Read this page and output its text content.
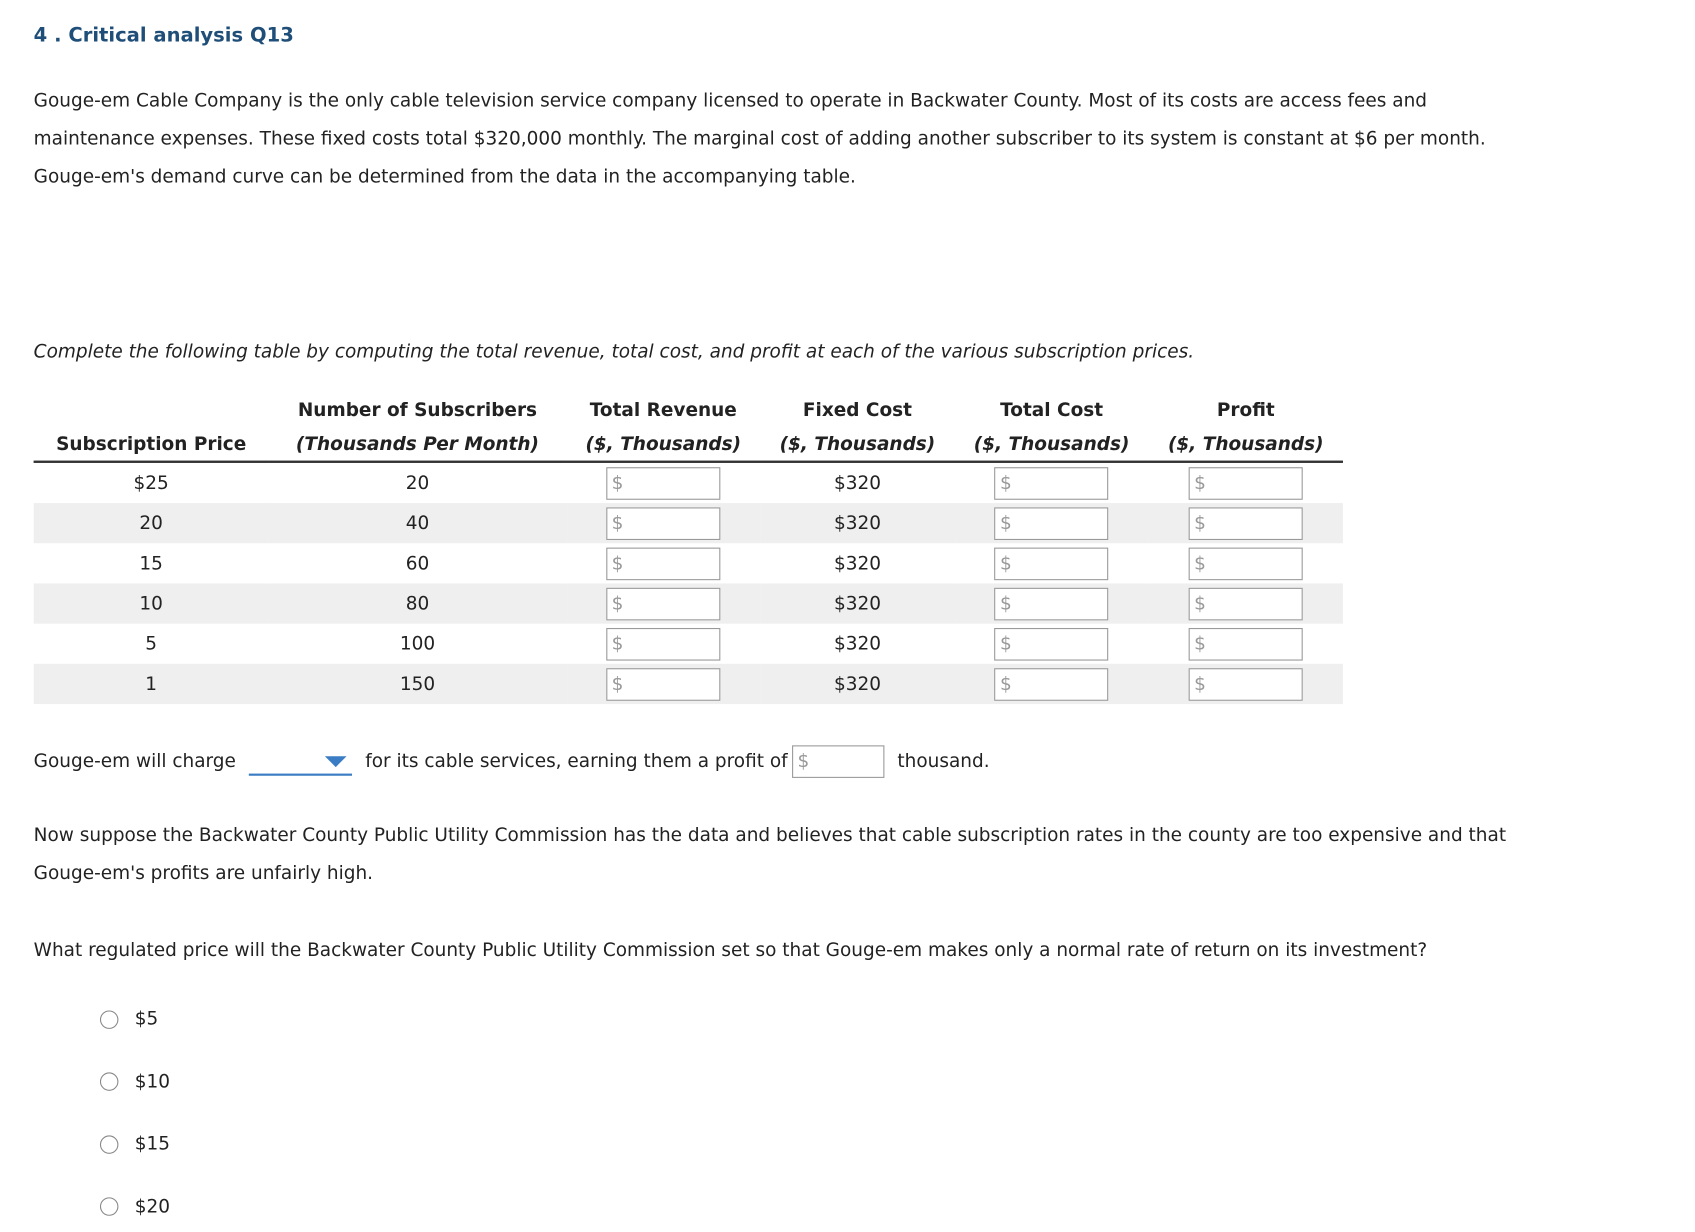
4 . Critical analysis Q13
Gouge-em Cable Company is the only cable television service company licensed to operate in Backwater County. Most of its costs are access fees and maintenance expenses. These fixed costs total $320,000 monthly. The marginal cost of adding another subscriber to its system is constant at $6 per month. Gouge-em's demand curve can be determined from the data in the accompanying table.
Complete the following table by computing the total revenue, total cost, and profit at each of the various subscription prices.
	Number of Subscribers	Total Revenue	Fixed Cost	Total Cost	Profit
Subscription Price	(Thousands Per Month)	($, Thousands)	($, Thousands)	($, Thousands)	($, Thousands)
$25	20	$	$320	$	$
20	40	$	$320	$	$
15	60	$	$320	$	$
10	80	$	$320	$	$
5	100	$	$320	$	$
1	150	$	$320	$	$
Gouge-em will charge	for its cable services, earning them a profit of $	thousand.
Now suppose the Backwater County Public Utility Commission has the data and believes that cable subscription rates in the county are too expensive and that Gouge-em's profits are unfairly high.
What regulated price will the Backwater County Public Utility Commission set so that Gouge-em makes only a normal rate of return on its investment?
$5
$10
$15
$20
